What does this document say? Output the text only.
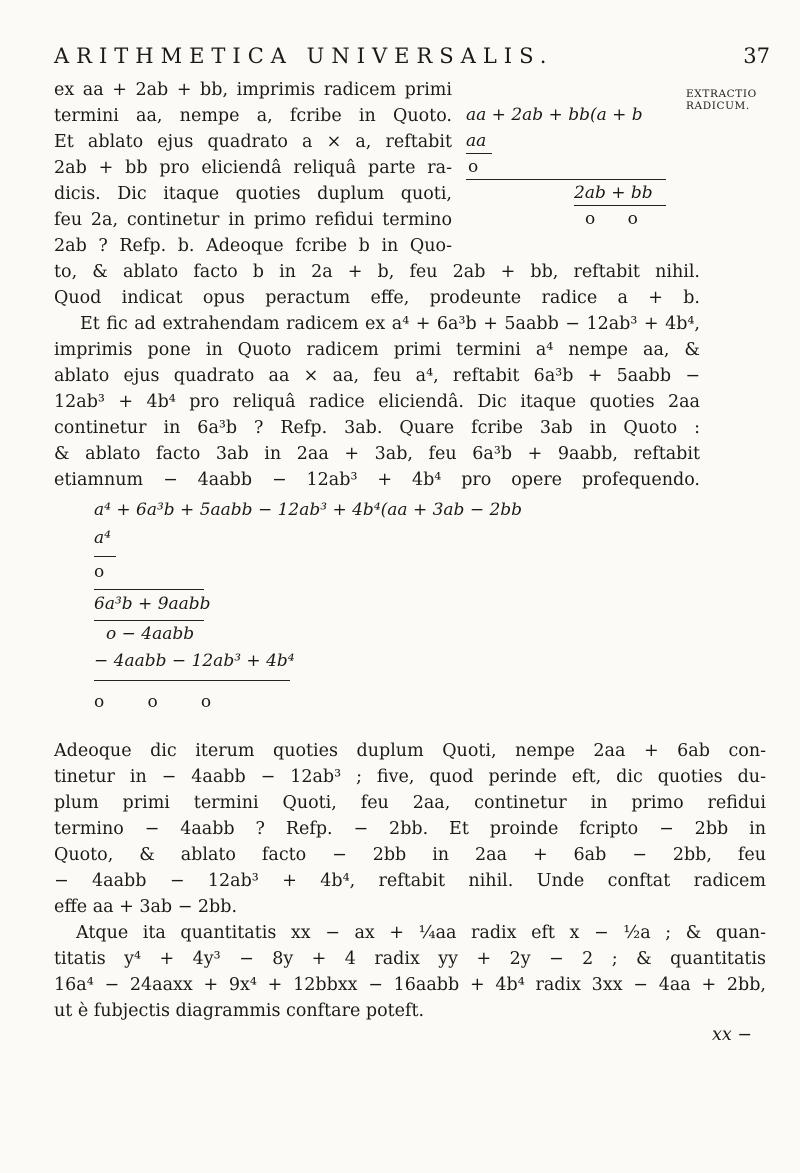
ARITHMETICA UNIVERSALIS.	37
EXTRACTIO
RADICUM.
ex aa + 2ab + bb, imprimis radicem primi
termini aa, nempe a, fcribe in Quoto.
Et ablato ejus quadrato a × a, reftabit
2ab + bb pro eliciendâ reliquâ parte ra-
dicis. Dic itaque quoties duplum quoti,
feu 2a, continetur in primo refidui termino
2ab ? Refp. b. Adeoque fcribe b in Quo-
aa + 2ab + bb(a + b
aa
o
2ab + bb
o      o
to, & ablato facto b in 2a + b, feu 2ab + bb, reftabit nihil.
Quod indicat opus peractum effe, prodeunte radice a + b.
Et fic ad extrahendam radicem ex a⁴ + 6a³b + 5aabb − 12ab³ + 4b⁴,
imprimis pone in Quoto radicem primi termini a⁴ nempe aa, &
ablato ejus quadrato aa × aa, feu a⁴, reftabit 6a³b + 5aabb −
12ab³ + 4b⁴ pro reliquâ radice eliciendâ. Dic itaque quoties 2aa
continetur in 6a³b ? Refp. 3ab. Quare fcribe 3ab in Quoto :
& ablato facto 3ab in 2aa + 3ab, feu 6a³b + 9aabb, reftabit
etiamnum − 4aabb − 12ab³ + 4b⁴ pro opere profequendo.
a⁴ + 6a³b + 5aabb − 12ab³ + 4b⁴(aa + 3ab − 2bb
a⁴
o
6a³b + 9aabb
o − 4aabb
− 4aabb − 12ab³ + 4b⁴
o        o        o
Adeoque dic iterum quoties duplum Quoti, nempe 2aa + 6ab con-
tinetur in − 4aabb − 12ab³ ; five, quod perinde eft, dic quoties du-
plum primi termini Quoti, feu 2aa, continetur in primo refidui
termino − 4aabb ? Refp. − 2bb. Et proinde fcripto − 2bb in
Quoto, & ablato facto − 2bb in 2aa + 6ab − 2bb, feu
− 4aabb − 12ab³ + 4b⁴, reftabit nihil. Unde conftat radicem
effe aa + 3ab − 2bb.
Atque ita quantitatis xx − ax + ¼aa radix eft x − ½a ; & quan-
titatis y⁴ + 4y³ − 8y + 4 radix yy + 2y − 2 ; & quantitatis
16a⁴ − 24aaxx + 9x⁴ + 12bbxx − 16aabb + 4b⁴ radix 3xx − 4aa + 2bb,
ut è fubjectis diagrammis conftare poteft.
xx −
